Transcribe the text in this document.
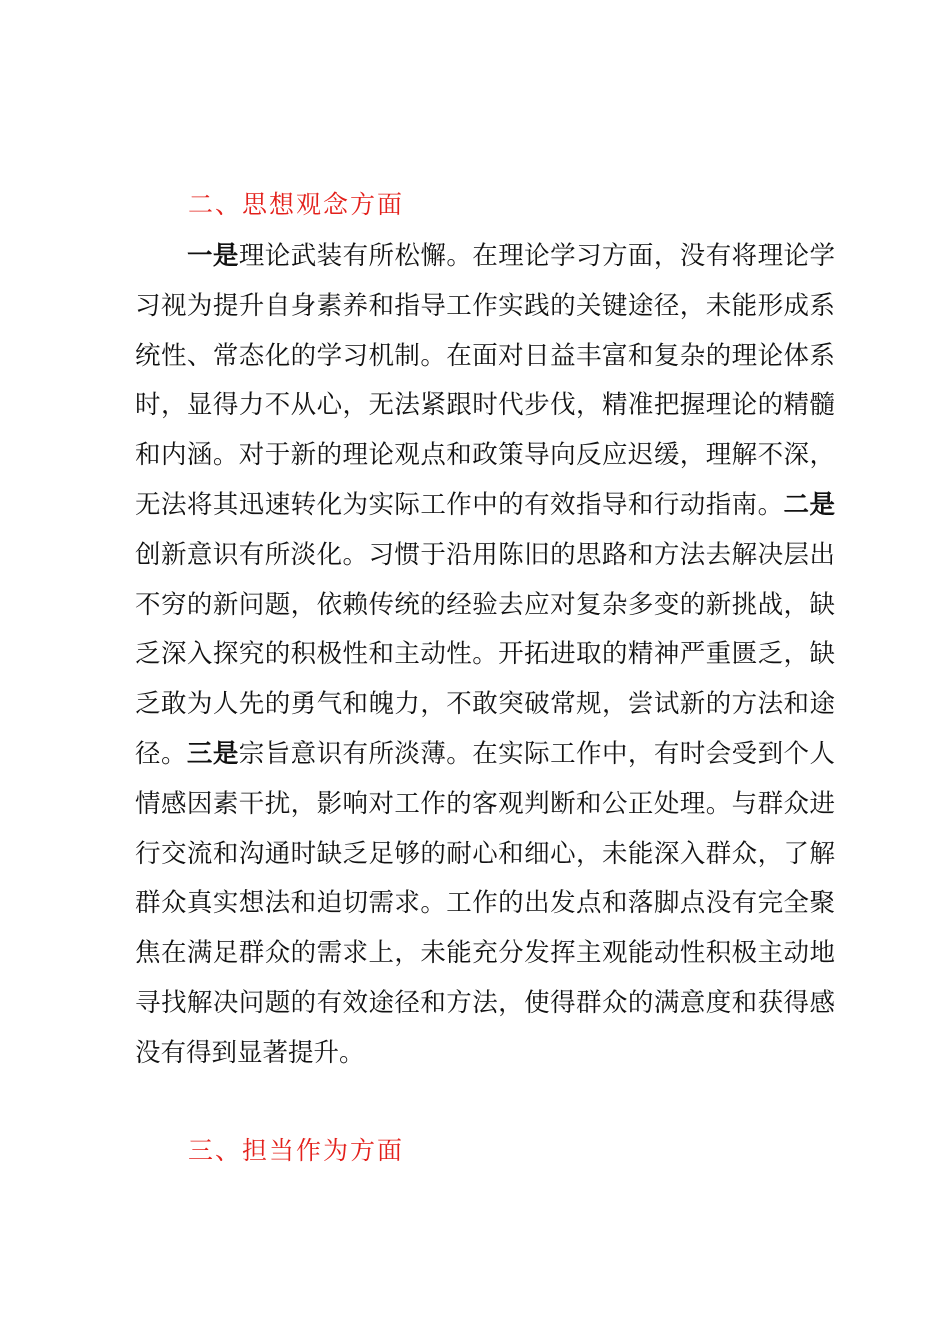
二、思想观念方面

一是理论武装有所松懈。在理论学习方面，没有将理论学习视为提升自身素养和指导工作实践的关键途径，未能形成系统性、常态化的学习机制。在面对日益丰富和复杂的理论体系时，显得力不从心，无法紧跟时代步伐，精准把握理论的精髓和内涵。对于新的理论观点和政策导向反应迟缓，理解不深，无法将其迅速转化为实际工作中的有效指导和行动指南。二是创新意识有所淡化。习惯于沿用陈旧的思路和方法去解决层出不穷的新问题，依赖传统的经验去应对复杂多变的新挑战，缺乏深入探究的积极性和主动性。开拓进取的精神严重匮乏，缺乏敢为人先的勇气和魄力，不敢突破常规，尝试新的方法和途径。三是宗旨意识有所淡薄。在实际工作中，有时会受到个人情感因素干扰，影响对工作的客观判断和公正处理。与群众进行交流和沟通时缺乏足够的耐心和细心，未能深入群众，了解群众真实想法和迫切需求。工作的出发点和落脚点没有完全聚焦在满足群众的需求上，未能充分发挥主观能动性积极主动地寻找解决问题的有效途径和方法，使得群众的满意度和获得感没有得到显著提升。

三、担当作为方面
